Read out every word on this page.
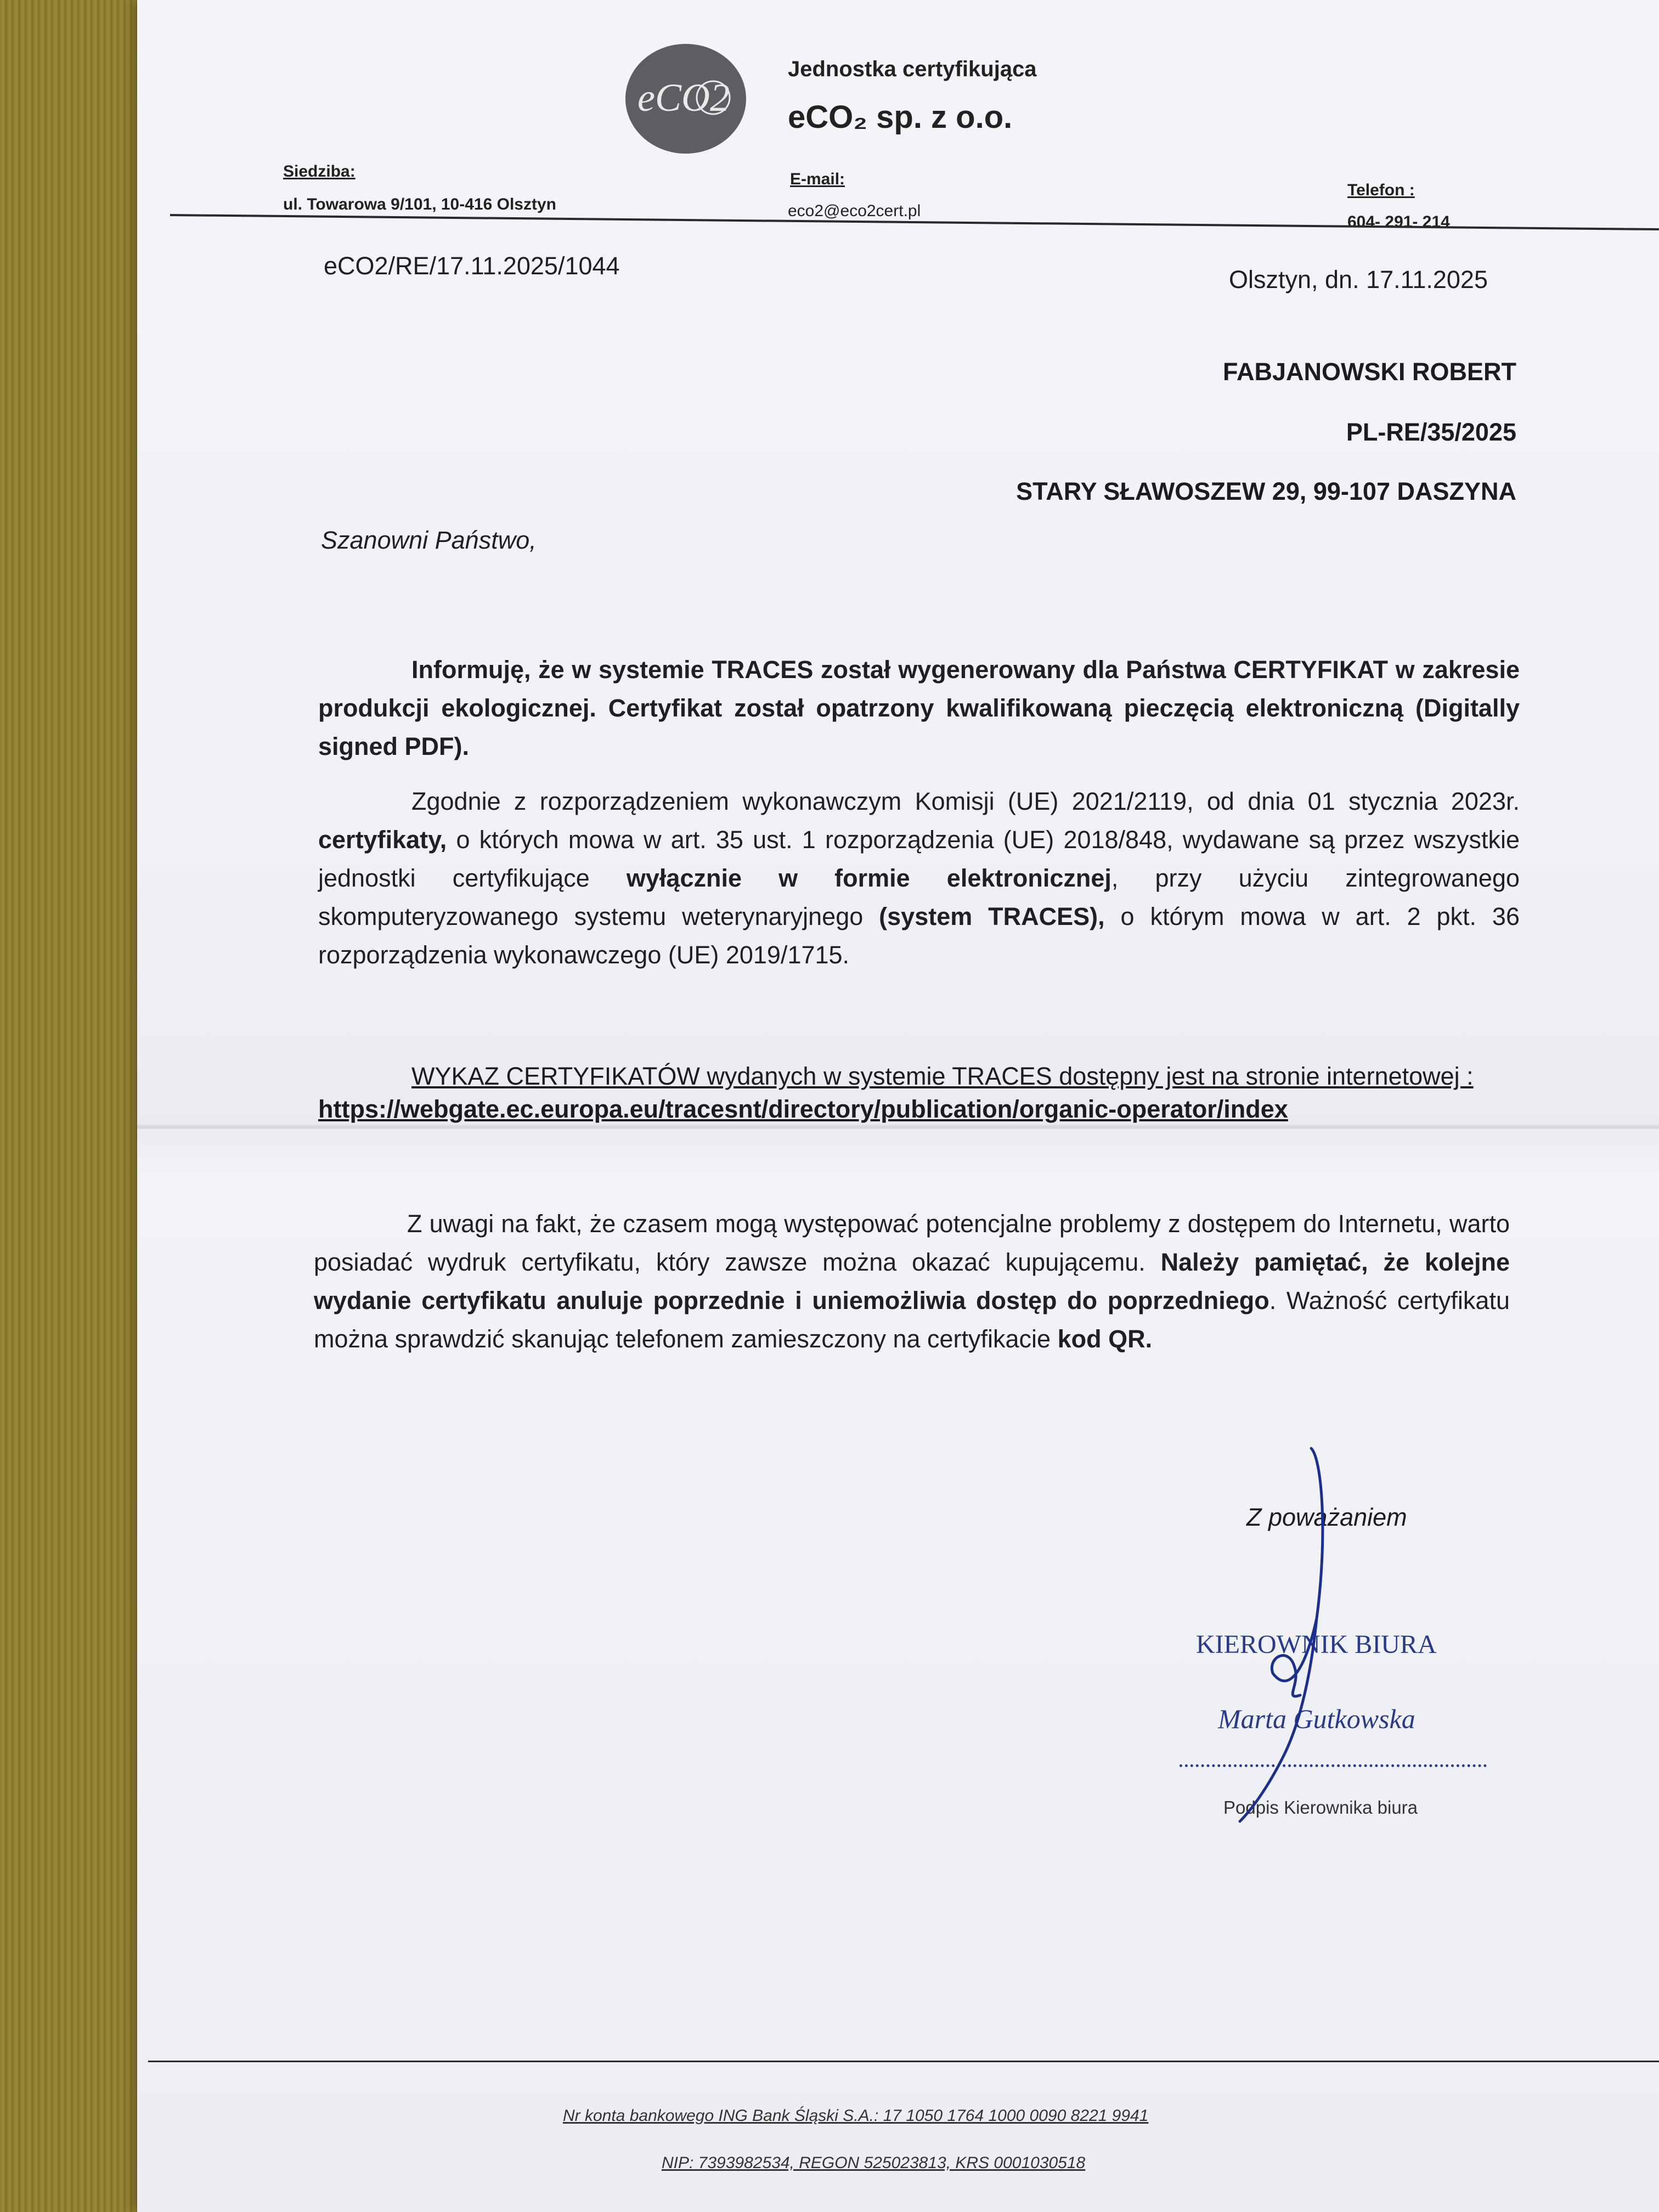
eCO2
Jednostka certyfikująca
eCO₂ sp. z o.o.
Siedziba:
ul. Towarowa 9/101, 10-416 Olsztyn
E-mail:
eco2@eco2cert.pl
Telefon :
604- 291- 214
eCO2/RE/17.11.2025/1044	Olsztyn, dn. 17.11.2025
FABJANOWSKI ROBERT
PL-RE/35/2025
STARY SŁAWOSZEW 29, 99-107 DASZYNA
Szanowni Państwo,
Informuję, że w systemie TRACES został wygenerowany dla Państwa CERTYFIKAT w zakresie produkcji ekologicznej. Certyfikat został opatrzony kwalifikowaną pieczęcią elektroniczną (Digitally signed PDF).
Zgodnie z rozporządzeniem wykonawczym Komisji (UE) 2021/2119, od dnia 01 stycznia 2023r. certyfikaty, o których mowa w art. 35 ust. 1 rozporządzenia (UE) 2018/848, wydawane są przez wszystkie jednostki certyfikujące wyłącznie w formie elektronicznej, przy użyciu zintegrowanego skomputeryzowanego systemu weterynaryjnego (system TRACES), o którym mowa w art. 2 pkt. 36 rozporządzenia wykonawczego (UE) 2019/1715.
WYKAZ CERTYFIKATÓW wydanych w systemie TRACES dostępny jest na stronie internetowej :
https://webgate.ec.europa.eu/tracesnt/directory/publication/organic-operator/index
Z uwagi na fakt, że czasem mogą występować potencjalne problemy z dostępem do Internetu, warto posiadać wydruk certyfikatu, który zawsze można okazać kupującemu. Należy pamiętać, że kolejne wydanie certyfikatu anuluje poprzednie i uniemożliwia dostęp do poprzedniego. Ważność certyfikatu można sprawdzić skanując telefonem zamieszczony na certyfikacie kod QR.
Z poważaniem
KIEROWNIK BIURA
Marta Gutkowska
Podpis Kierownika biura
Nr konta bankowego ING Bank Śląski S.A.: 17 1050 1764 1000 0090 8221 9941
NIP: 7393982534, REGON 525023813, KRS 0001030518
